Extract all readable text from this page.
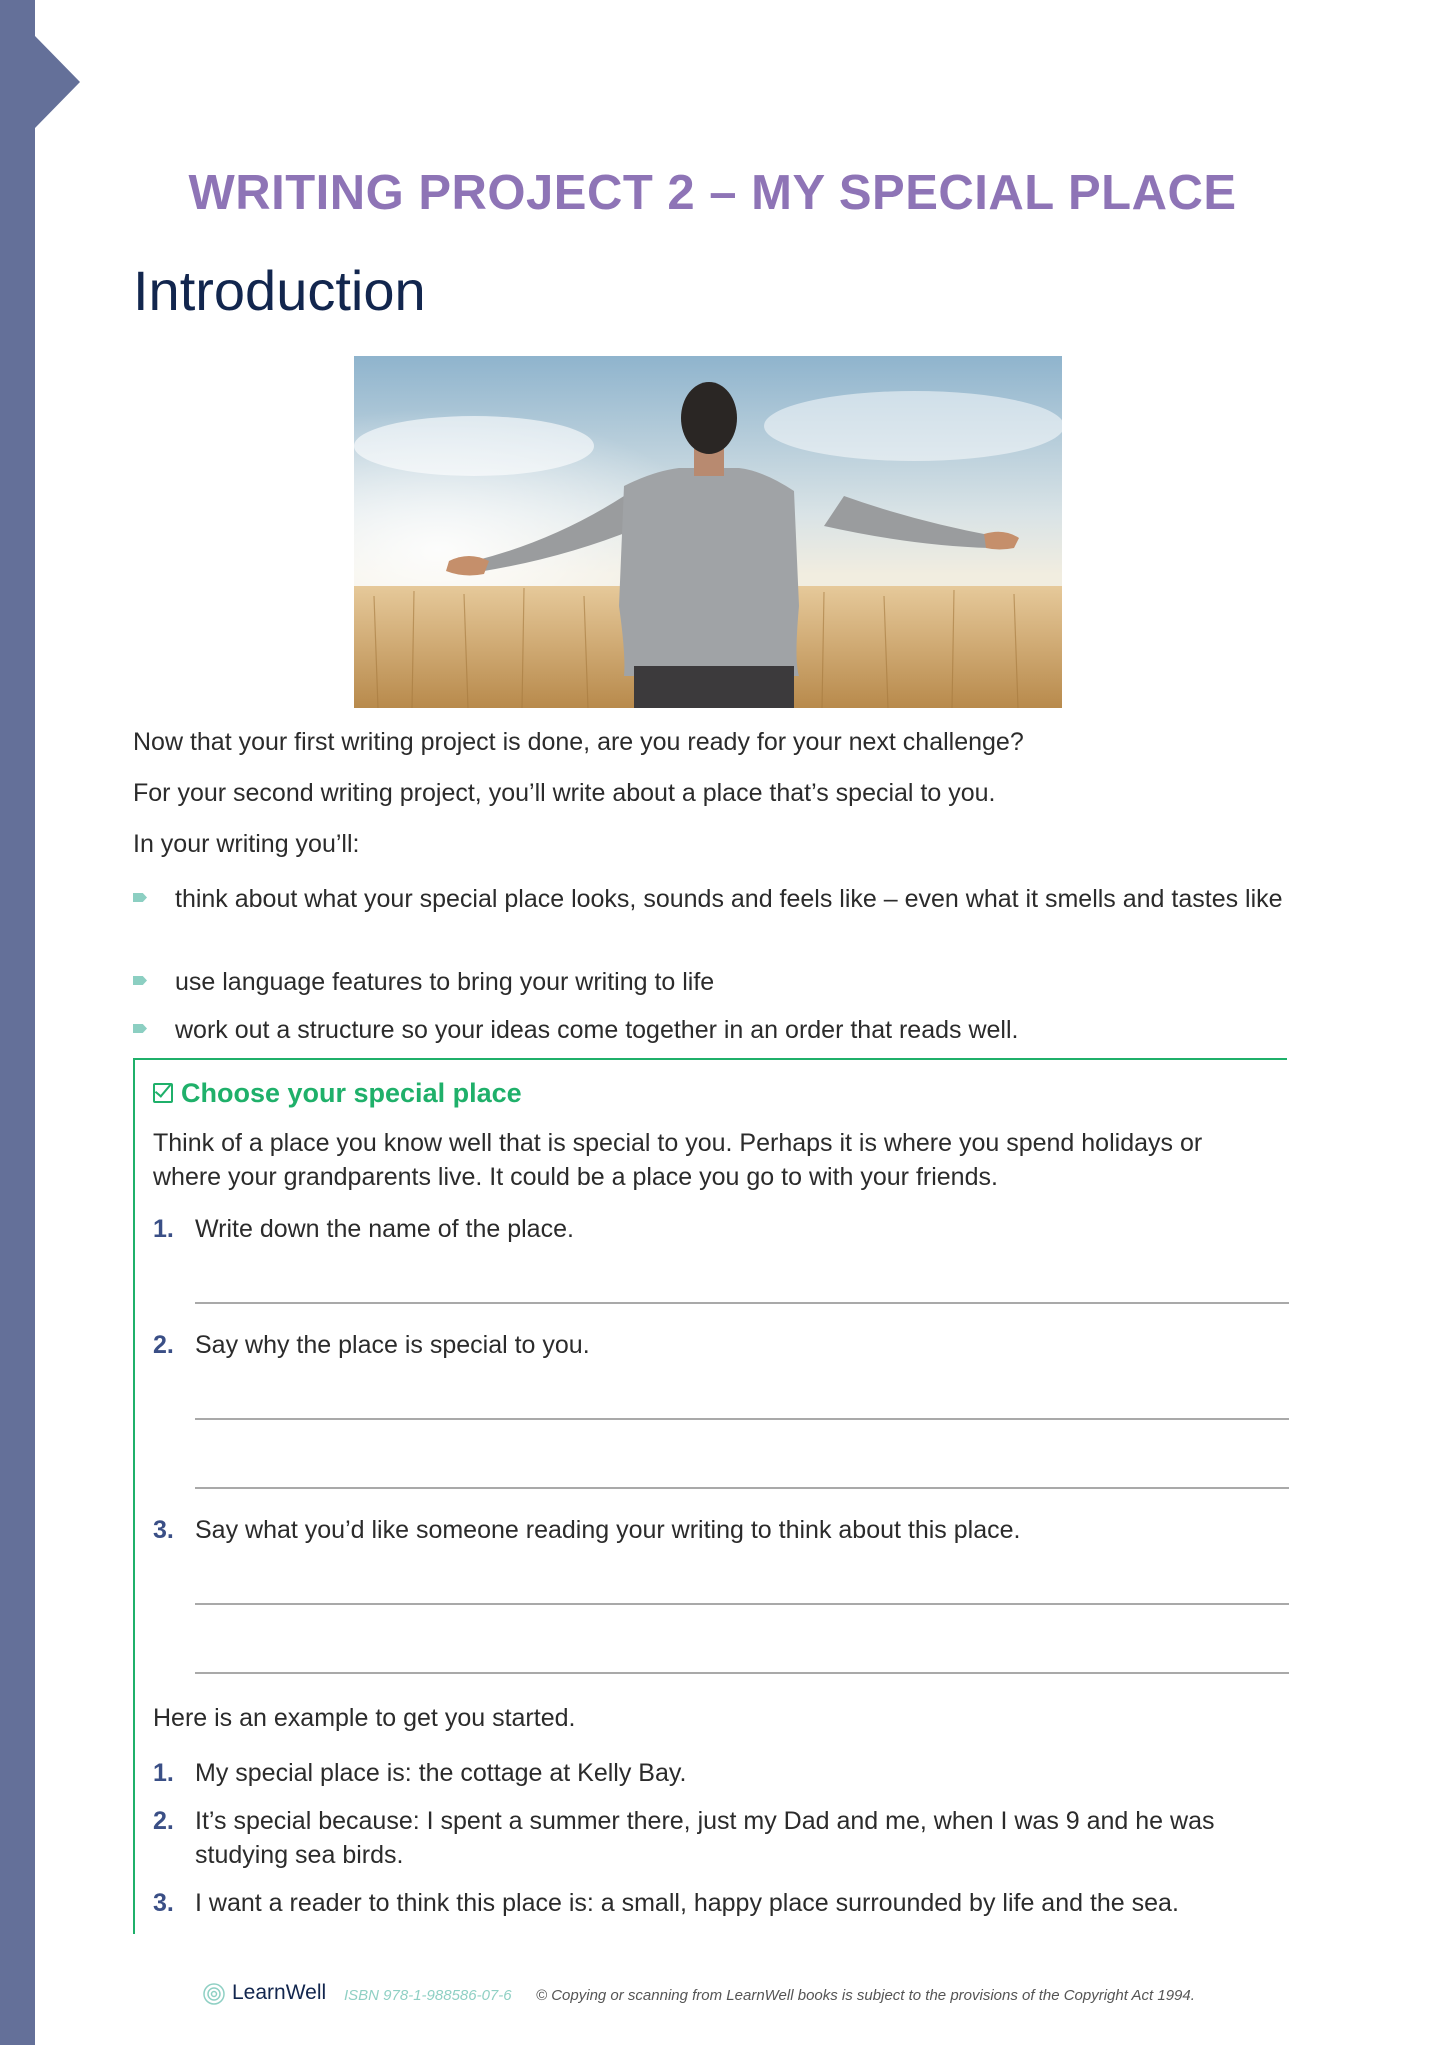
WRITING PROJECT 2 – MY SPECIAL PLACE
Introduction
Now that your first writing project is done, are you ready for your next challenge?
For your second writing project, you’ll write about a place that’s special to you.
In your writing you’ll:
think about what your special place looks, sounds and feels like – even what it smells and tastes like
use language features to bring your writing to life
work out a structure so your ideas come together in an order that reads well.
Choose your special place
Think of a place you know well that is special to you. Perhaps it is where you spend holidays or where your grandparents live. It could be a place you go to with your friends.
1. Write down the name of the place.
2. Say why the place is special to you.
3. Say what you’d like someone reading your writing to think about this place.
Here is an example to get you started.
1. My special place is: the cottage at Kelly Bay.
2. It’s special because: I spent a summer there, just my Dad and me, when I was 9 and he was studying sea birds.
3. I want a reader to think this place is: a small, happy place surrounded by life and the sea.
LearnWell ISBN 978-1-988586-07-6 © Copying or scanning from LearnWell books is subject to the provisions of the Copyright Act 1994.
